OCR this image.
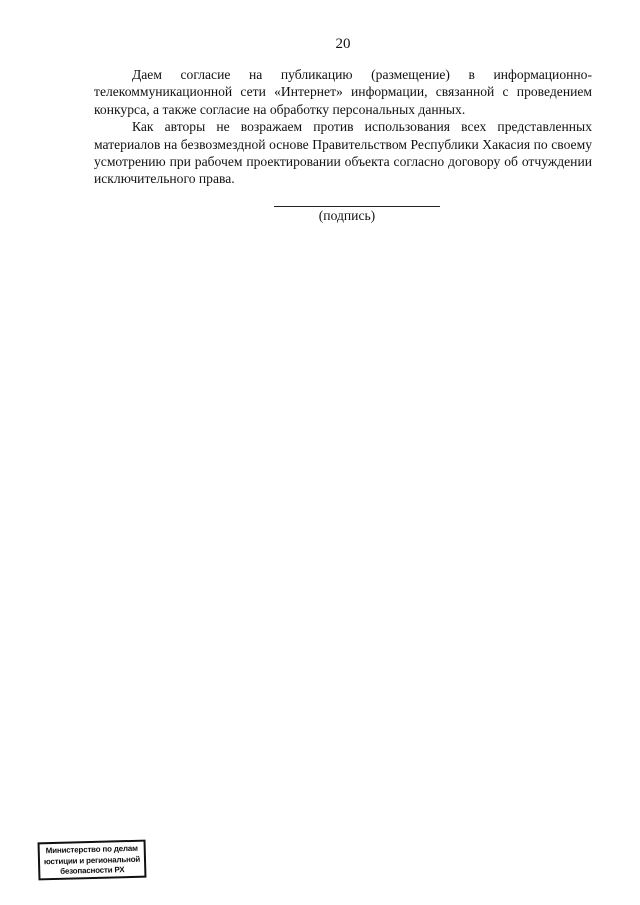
20

Даем согласие на публикацию (размещение) в информационно-телекоммуникационной сети «Интернет» информации, связанной с проведением конкурса, а также согласие на обработку персональных данных.

Как авторы не возражаем против использования всех представленных материалов на безвозмездной основе Правительством Республики Хакасия по своему усмотрению при рабочем проектировании объекта согласно договору об отчуждении исключительного права.

(подпись)
Министерство по делам
юстиции и региональной
безопасности РХ
